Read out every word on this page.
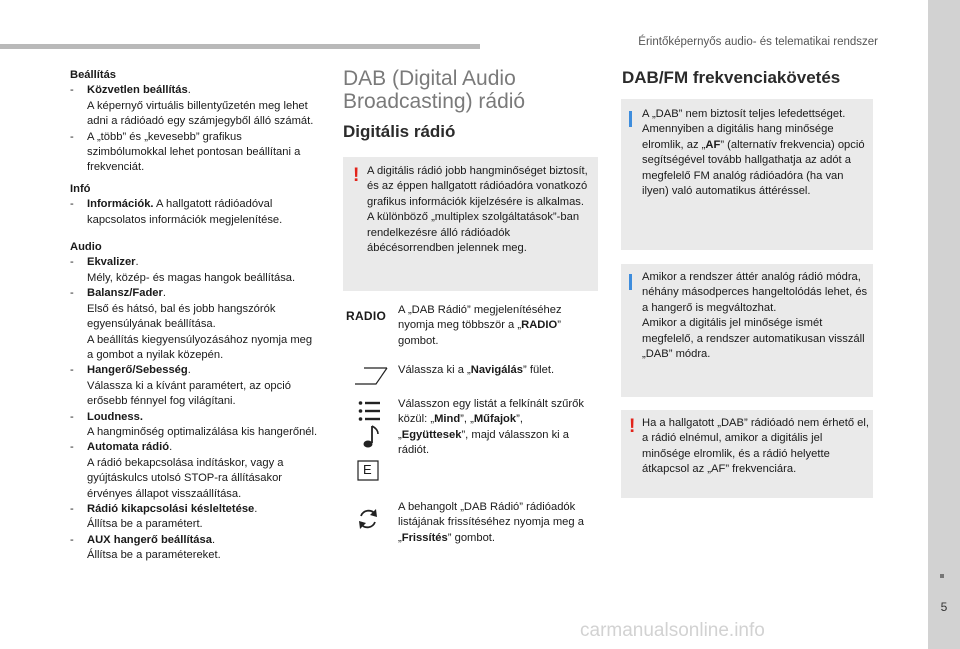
Érintőképernyős audio- és telematikai rendszer
5
carmanualsonline.info
Beállítás
-	Közvetlen beállítás.
A képernyő virtuális billentyűzetén meg lehet adni a rádióadó egy számjegyből álló számát.
-	A „több” és „kevesebb” grafikus szimbólumokkal lehet pontosan beállítani a frekvenciát.
Infó
-	Információk. A hallgatott rádióadóval kapcsolatos információk megjelenítése.
Audio
-	Ekvalizer.
Mély, közép- és magas hangok beállítása.
-	Balansz/Fader.
Első és hátsó, bal és jobb hangszórók egyensúlyának beállítása.
A beállítás kiegyensúlyozásához nyomja meg a gombot a nyilak közepén.
-	Hangerő/Sebesség.
Válassza ki a kívánt paramétert, az opció erősebb fénnyel fog világítani.
-	Loudness.
A hangminőség optimalizálása kis hangerőnél.
-	Automata rádió.
A rádió bekapcsolása indításkor, vagy a gyújtáskulcs utolsó STOP-ra állításakor érvényes állapot visszaállítása.
-	Rádió kikapcsolási késleltetése.
Állítsa be a paramétert.
-	AUX hangerő beállítása.
Állítsa be a paramétereket.
DAB (Digital Audio
Broadcasting) rádió
Digitális rádió
! A digitális rádió jobb hangminőséget biztosít, és az éppen hallgatott rádióadóra vonatkozó grafikus információk kijelzésére is alkalmas.
A különböző „multiplex szolgáltatások”-ban rendelkezésre álló rádióadók ábécésorrendben jelennek meg.
RADIO	A „DAB Rádió” megjelenítéséhez nyomja meg többször a „RADIO” gombot.
Válassza ki a „Navigálás” fület.
E
Válasszon egy listát a felkínált szűrők közül: „Mind”, „Műfajok”, „Együttesek”, majd válasszon ki a rádiót.
A behangolt „DAB Rádió” rádióadók listájának frissítéséhez nyomja meg a „Frissítés” gombot.
DAB/FM frekvenciakövetés
A „DAB” nem biztosít teljes lefedettséget. Amennyiben a digitális hang minősége elromlik, az „AF” (alternatív frekvencia) opció segítségével tovább hallgathatja az adót a megfelelő FM analóg rádióadóra (ha van ilyen) való automatikus áttéréssel.
Amikor a rendszer áttér analóg rádió módra, néhány másodperces hangeltolódás lehet, és a hangerő is megváltozhat.
Amikor a digitális jel minősége ismét megfelelő, a rendszer automatikusan visszáll „DAB” módra.
! Ha a hallgatott „DAB” rádióadó nem érhető el, a rádió elnémul, amikor a digitális jel minősége elromlik, és a rádió helyette átkapcsol az „AF” frekvenciára.
